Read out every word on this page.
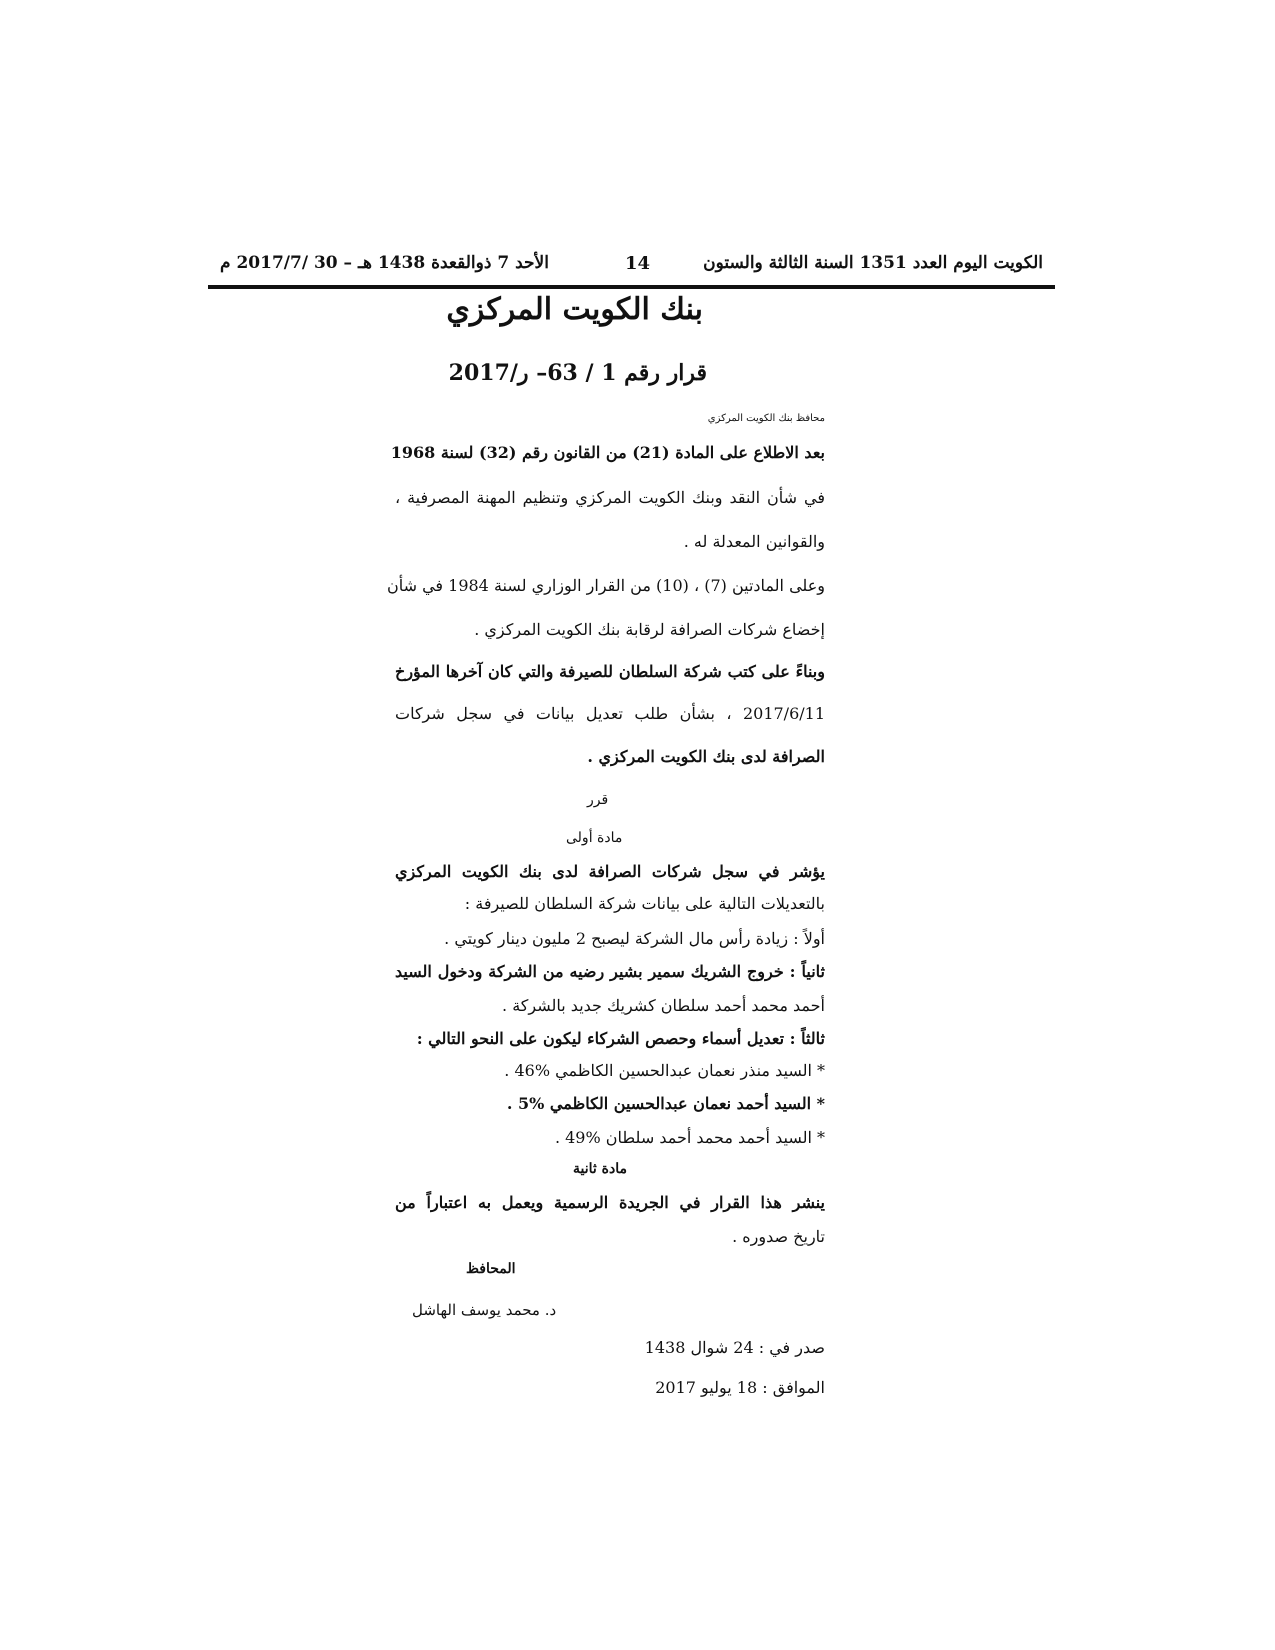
الكويت اليوم العدد 1351 السنة الثالثة والستون
14
الأحد 7 ذوالقعدة 1438 هـ – 30 /2017/7 م
بنك الكويت المركزي
قرار رقم 1 / 63– ر/2017
محافظ بنك الكويت المركزي
بعد الاطلاع على المادة (21) من القانون رقم (32) لسنة 1968
في شأن النقد وبنك الكويت المركزي وتنظيم المهنة المصرفية ،
والقوانين المعدلة له .
وعلى المادتين (7) ، (10) من القرار الوزاري لسنة 1984 في شأن
إخضاع شركات الصرافة لرقابة بنك الكويت المركزي .
وبناءً على كتب شركة السلطان للصيرفة والتي كان آخرها المؤرخ
2017/6/11 ، بشأن طلب تعديل بيانات في سجل شركات
الصرافة لدى بنك الكويت المركزي .
قرر
مادة أولى
يؤشر في سجل شركات الصرافة لدى بنك الكويت المركزي
بالتعديلات التالية على بيانات شركة السلطان للصيرفة :
أولاً : زيادة رأس مال الشركة ليصبح 2 مليون دينار كويتي .
ثانياً : خروج الشريك سمير بشير رضيه من الشركة ودخول السيد
أحمد محمد أحمد سلطان كشريك جديد بالشركة .
ثالثاً : تعديل أسماء وحصص الشركاء ليكون على النحو التالي :
* السيد منذر نعمان عبدالحسين الكاظمي %46 .
* السيد أحمد نعمان عبدالحسين الكاظمي %5 .
* السيد أحمد محمد أحمد سلطان %49 .
مادة ثانية
ينشر هذا القرار في الجريدة الرسمية ويعمل به اعتباراً من
تاريخ صدوره .
المحافظ
د. محمد يوسف الهاشل
صدر في : 24 شوال 1438
الموافق : 18 يوليو 2017
